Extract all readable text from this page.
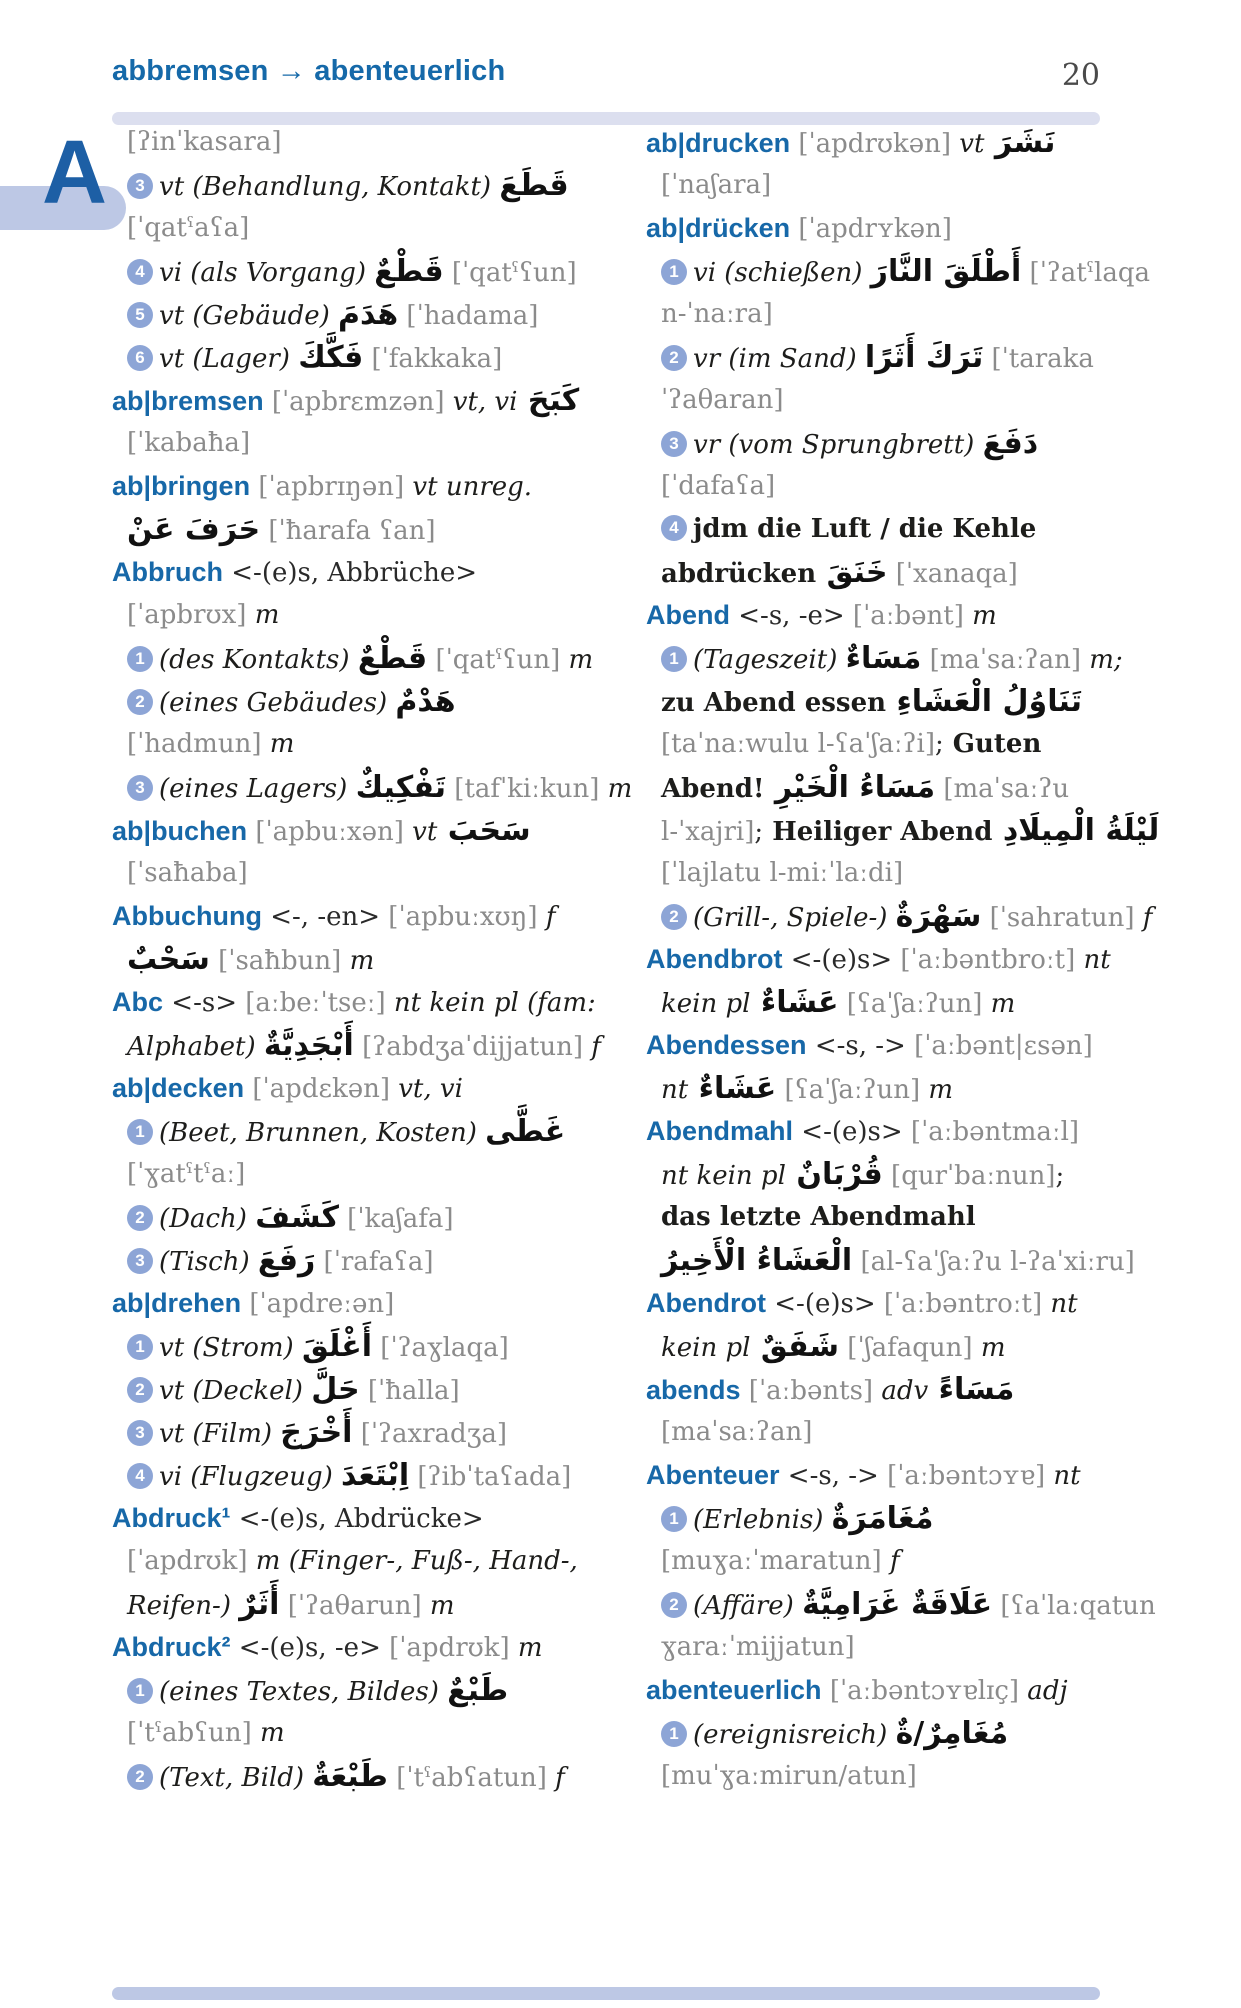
abbremsen → abenteuerlich	20
A [ʔinˈkasara]
3 vt (Behandlung, Kontakt) قَطَعَ
[ˈqatˤaʕa]
4 vi (als Vorgang) قَطْعٌ [ˈqatˤʕun]
5 vt (Gebäude) هَدَمَ [ˈhadama]
6 vt (Lager) فَكَّكَ [ˈfakkaka]
ab|bremsen [ˈapbrɛmzən] vt, vi كَبَحَ
[ˈkabaħa]
ab|bringen [ˈapbrɪŋən] vt unreg.
حَرَفَ عَنْ [ˈħarafa ʕan]
Abbruch <-(e)s, Abbrüche>
[ˈapbrʊx] m
1 (des Kontakts) قَطْعٌ [ˈqatˤʕun] m
2 (eines Gebäudes) هَدْمٌ
[ˈhadmun] m
3 (eines Lagers) تَفْكِيكٌ [tafˈkiːkun] m
ab|buchen [ˈapbuːxən] vt سَحَبَ
[ˈsaħaba]
Abbuchung <-, -en> [ˈapbuːxʊŋ] f
سَحْبٌ [ˈsaħbun] m
Abc <-s> [aːbeːˈtseː] nt kein pl (fam:
Alphabet) أَبْجَدِيَّةٌ [ʔabdʒaˈdijjatun] f
ab|decken [ˈapdɛkən] vt, vi
1 (Beet, Brunnen, Kosten) غَطَّى
[ˈɣatˤtˤaː]
2 (Dach) كَشَفَ [ˈkaʃafa]
3 (Tisch) رَفَعَ [ˈrafaʕa]
ab|drehen [ˈapdreːən]
1 vt (Strom) أَغْلَقَ [ˈʔaɣlaqa]
2 vt (Deckel) حَلَّ [ˈħalla]
3 vt (Film) أَخْرَجَ [ˈʔaxradʒa]
4 vi (Flugzeug) اِبْتَعَدَ [ʔibˈtaʕada]
Abdruck¹ <-(e)s, Abdrücke>
[ˈapdrʊk] m (Finger-, Fuß-, Hand-,
Reifen-) أَثَرٌ [ˈʔaθarun] m
Abdruck² <-(e)s, -e> [ˈapdrʊk] m
1 (eines Textes, Bildes) طَبْعٌ
[ˈtˤabʕun] m
2 (Text, Bild) طَبْعَةٌ [ˈtˤabʕatun] f
ab|drucken [ˈapdrʊkən] vt نَشَرَ
[ˈnaʃara]
ab|drücken [ˈapdrʏkən]
1 vi (schießen) أَطْلَقَ النَّارَ [ˈʔatˤlaqa
n-ˈnaːra]
2 vr (im Sand) تَرَكَ أَثَرًا [ˈtaraka
ˈʔaθaran]
3 vr (vom Sprungbrett) دَفَعَ
[ˈdafaʕa]
4 jdm die Luft / die Kehle
abdrücken خَنَقَ [ˈxanaqa]
Abend <-s, -e> [ˈaːbənt] m
1 (Tageszeit) مَسَاءٌ [maˈsaːʔan] m;
zu Abend essen تَنَاوُلُ الْعَشَاءِ
[taˈnaːwulu l-ʕaˈʃaːʔi]; Guten
Abend! مَسَاءُ الْخَيْرِ [maˈsaːʔu
l-ˈxajri]; Heiliger Abend لَيْلَةُ الْمِيلَادِ
[ˈlajlatu l-miːˈlaːdi]
2 (Grill-, Spiele-) سَهْرَةٌ [ˈsahratun] f
Abendbrot <-(e)s> [ˈaːbəntbroːt] nt
kein pl عَشَاءٌ [ʕaˈʃaːʔun] m
Abendessen <-s, -> [ˈaːbənt|ɛsən]
nt عَشَاءٌ [ʕaˈʃaːʔun] m
Abendmahl <-(e)s> [ˈaːbəntmaːl]
nt kein pl قُرْبَانٌ [qurˈbaːnun];
das letzte Abendmahl
الْعَشَاءُ الْأَخِيرُ [al-ʕaˈʃaːʔu l-ʔaˈxiːru]
Abendrot <-(e)s> [ˈaːbəntroːt] nt
kein pl شَفَقٌ [ˈʃafaqun] m
abends [ˈaːbənts] adv مَسَاءً
[maˈsaːʔan]
Abenteuer <-s, -> [ˈaːbəntɔʏɐ] nt
1 (Erlebnis) مُغَامَرَةٌ
[muɣaːˈmaratun] f
2 (Affäre) عَلَاقَةٌ غَرَامِيَّةٌ [ʕaˈlaːqatun
ɣaraːˈmijjatun]
abenteuerlich [ˈaːbəntɔʏɐlɪç] adj
1 (ereignisreich) مُغَامِرٌ/ةٌ
[muˈɣaːmirun/atun]
